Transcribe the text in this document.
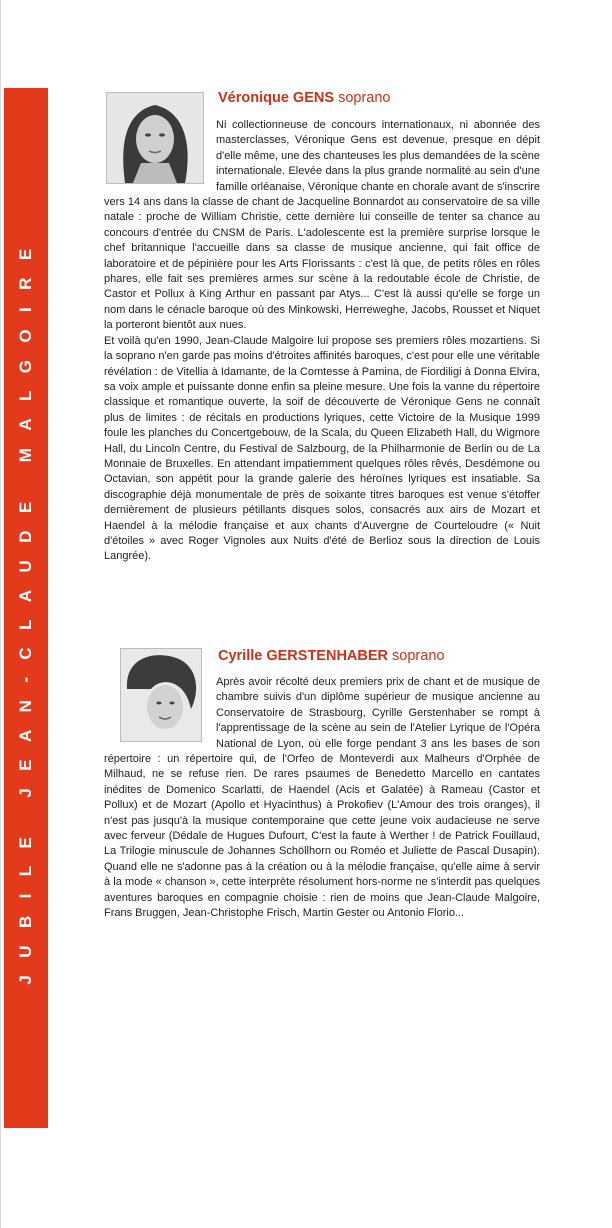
JUBILE JEAN-CLAUDE MALGOIRE
Véronique GENS soprano

Ni collectionneuse de concours internationaux, ni abonnée des masterclasses, Véronique Gens est devenue, presque en dépit d'elle même, une des chanteuses les plus demandées de la scène internationale. Elevée dans la plus grande normalité au sein d'une famille orléanaise, Véronique chante en chorale avant de s'inscrire vers 14 ans dans la classe de chant de Jacqueline Bonnardot au conservatoire de sa ville natale : proche de William Christie, cette dernière lui conseille de tenter sa chance au concours d'entrée du CNSM de Paris. L'adolescente est la première surprise lorsque le chef britannique l'accueille dans sa classe de musique ancienne, qui fait office de laboratoire et de pépinière pour les Arts Florissants : c'est là que, de petits rôles en rôles phares, elle fait ses premières armes sur scène à la redoutable école de Christie, de Castor et Pollux à King Arthur en passant par Atys... C'est là aussi qu'elle se forge un nom dans le cénacle baroque où des Minkowski, Herreweghe, Jacobs, Rousset et Niquet la porteront bientôt aux nues.

Et voilà qu'en 1990, Jean-Claude Malgoire lui propose ses premiers rôles mozartiens. Si la soprano n'en garde pas moins d'étroites affinités baroques, c'est pour elle une véritable révélation : de Vitellia à Idamante, de la Comtesse à Pamina, de Fiordiligi à Donna Elvira, sa voix ample et puissante donne enfin sa pleine mesure. Une fois la vanne du répertoire classique et romantique ouverte, la soif de découverte de Véronique Gens ne connaît plus de limites : de récitals en productions lyriques, cette Victoire de la Musique 1999 foule les planches du Concertgebouw, de la Scala, du Queen Elizabeth Hall, du Wigmore Hall, du Lincoln Centre, du Festival de Salzbourg, de la Philharmonie de Berlin ou de La Monnaie de Bruxelles. En attendant impatiemment quelques rôles rêvés, Desdémone ou Octavian, son appétit pour la grande galerie des héroïnes lyriques est insatiable. Sa discographie déjà monumentale de près de soixante titres baroques est venue s'étoffer dernièrement de plusieurs pétillants disques solos, consacrés aux airs de Mozart et Haendel à la mélodie française et aux chants d'Auvergne de Courteloudre (« Nuit d'étoiles » avec Roger Vignoles aux Nuits d'été de Berlioz sous la direction de Louis Langrée).

Cyrille GERSTENHABER soprano

Après avoir récolté deux premiers prix de chant et de musique de chambre suivis d'un diplôme supérieur de musique ancienne au Conservatoire de Strasbourg, Cyrille Gerstenhaber se rompt à l'apprentissage de la scène au sein de l'Atelier Lyrique de l'Opéra National de Lyon, où elle forge pendant 3 ans les bases de son répertoire : un répertoire qui, de l'Orfeo de Monteverdi aux Malheurs d'Orphée de Milhaud, ne se refuse rien. De rares psaumes de Benedetto Marcello en cantates inédites de Domenico Scarlatti, de Haendel (Acis et Galatée) à Rameau (Castor et Pollux) et de Mozart (Apollo et Hyacinthus) à Prokofiev (L'Amour des trois oranges), il n'est pas jusqu'à la musique contemporaine que cette jeune voix audacieuse ne serve avec ferveur (Dédale de Hugues Dufourt, C'est la faute à Werther ! de Patrick Fouillaud, La Trilogie minuscule de Johannes Schöllhorn ou Roméo et Juliette de Pascal Dusapin). Quand elle ne s'adonne pas à la création ou à la mélodie française, qu'elle aime à servir à la mode « chanson », cette interprète résolument hors-norme ne s'interdit pas quelques aventures baroques en compagnie choisie : rien de moins que Jean-Claude Malgoire, Frans Bruggen, Jean-Christophe Frisch, Martin Gester ou Antonio Florio...
